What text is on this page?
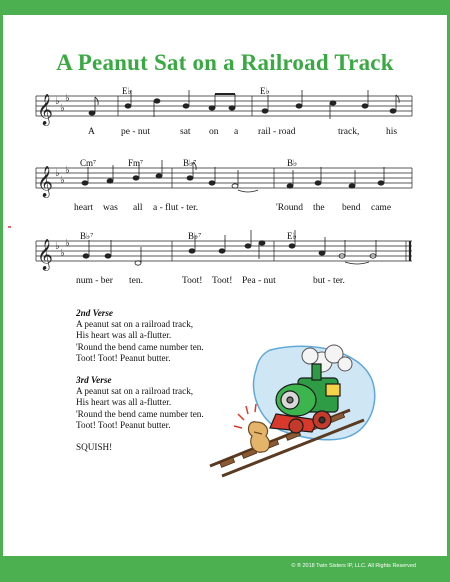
A Peanut Sat on a Railroad Track
𝄞
𝄞
𝄞
♭
♭
♭
♭
♭
♭
♭
♭
♭
E♭	E♭
Cm⁷	Fm⁷	B♭⁷	B♭
B♭⁷	B♭⁷	E♭
A	pe - nut	sat on a rail - road	track,	his
heart was all a - flut - ter.	'Round the bend came
num - ber ten.	Toot! Toot! Pea - nut	but - ter.
2nd Verse
A peanut sat on a railroad track,
His heart was all a-flutter.
'Round the bend came number ten.
Toot! Toot! Peanut butter.
3rd Verse
A peanut sat on a railroad track,
His heart was all a-flutter.
'Round the bend came number ten.
Toot! Toot! Peanut butter.
SQUISH!
© ® 2018 Twin Sisters IP, LLC. All Rights Reserved
